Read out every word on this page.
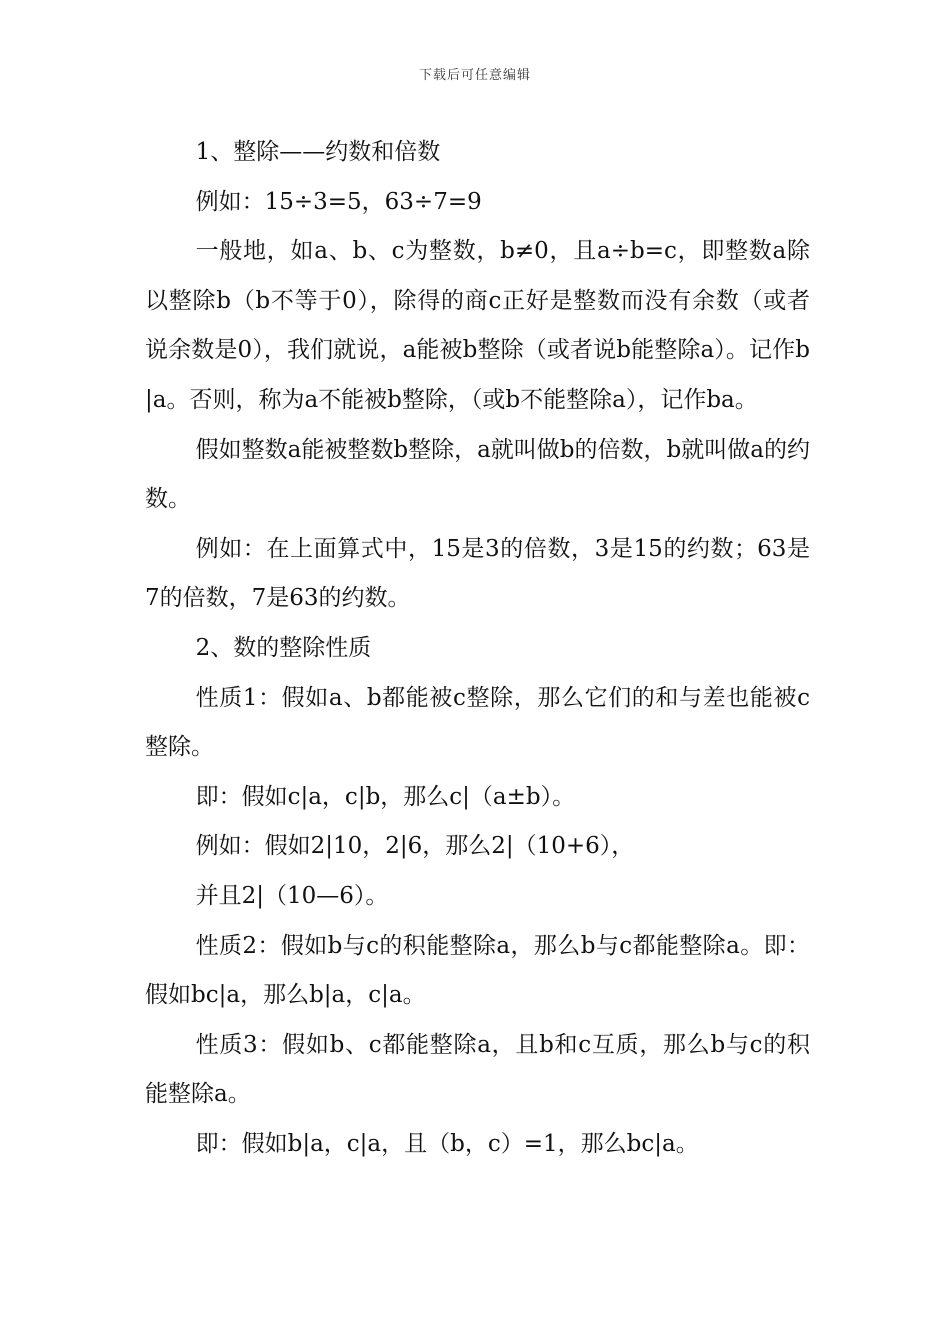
下载后可任意编辑

1、整除——约数和倍数

例如：15÷3=5，63÷7=9

一般地，如a、b、c为整数，b≠0，且a÷b=c，即整数a除以整除b（b不等于0），除得的商c正好是整数而没有余数（或者说余数是0），我们就说，a能被b整除（或者说b能整除a）。记作b|a。否则，称为a不能被b整除，（或b不能整除a），记作ba。

假如整数a能被整数b整除，a就叫做b的倍数，b就叫做a的约数。

例如：在上面算式中，15是3的倍数，3是15的约数；63是7的倍数，7是63的约数。

2、数的整除性质

性质1：假如a、b都能被c整除，那么它们的和与差也能被c整除。

即：假如c|a，c|b，那么c|（a±b）。

例如：假如2|10，2|6，那么2|（10+6），

并且2|（10—6）。

性质2：假如b与c的积能整除a，那么b与c都能整除a。即：假如bc|a，那么b|a，c|a。

性质3：假如b、c都能整除a，且b和c互质，那么b与c的积能整除a。

即：假如b|a，c|a，且（b，c）=1，那么bc|a。
